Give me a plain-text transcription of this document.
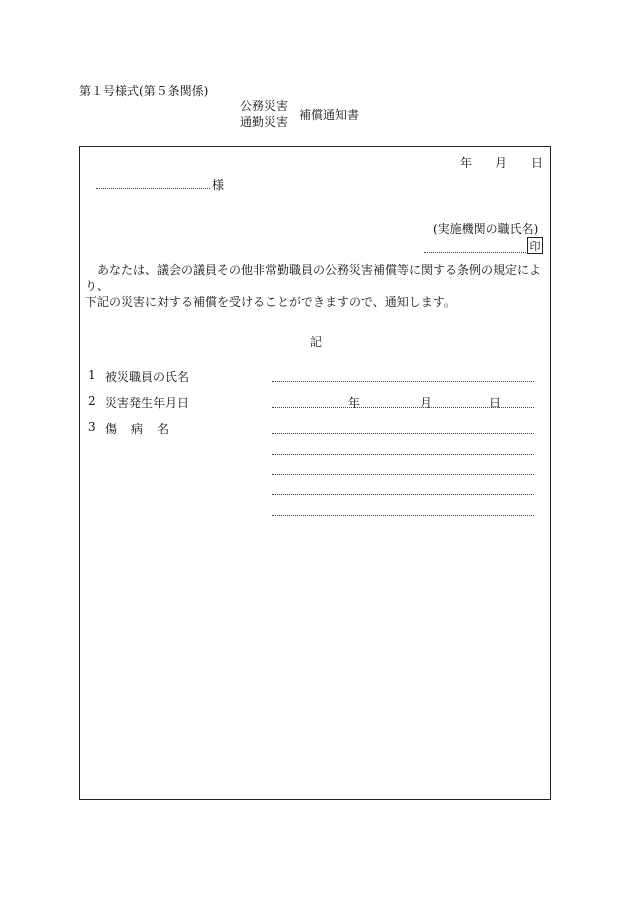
第１号様式(第５条関係)
公務災害
通勤災害 補償通知書
年 月 日
様
(実施機関の職氏名)
印
　あなたは、議会の議員その他非常勤職員の公務災害補償等に関する条例の規定により、
下記の災害に対する補償を受けることができますので、通知します。
記
1 被災職員の氏名
2 災害発生年月日	年	月	日
3 傷病名
